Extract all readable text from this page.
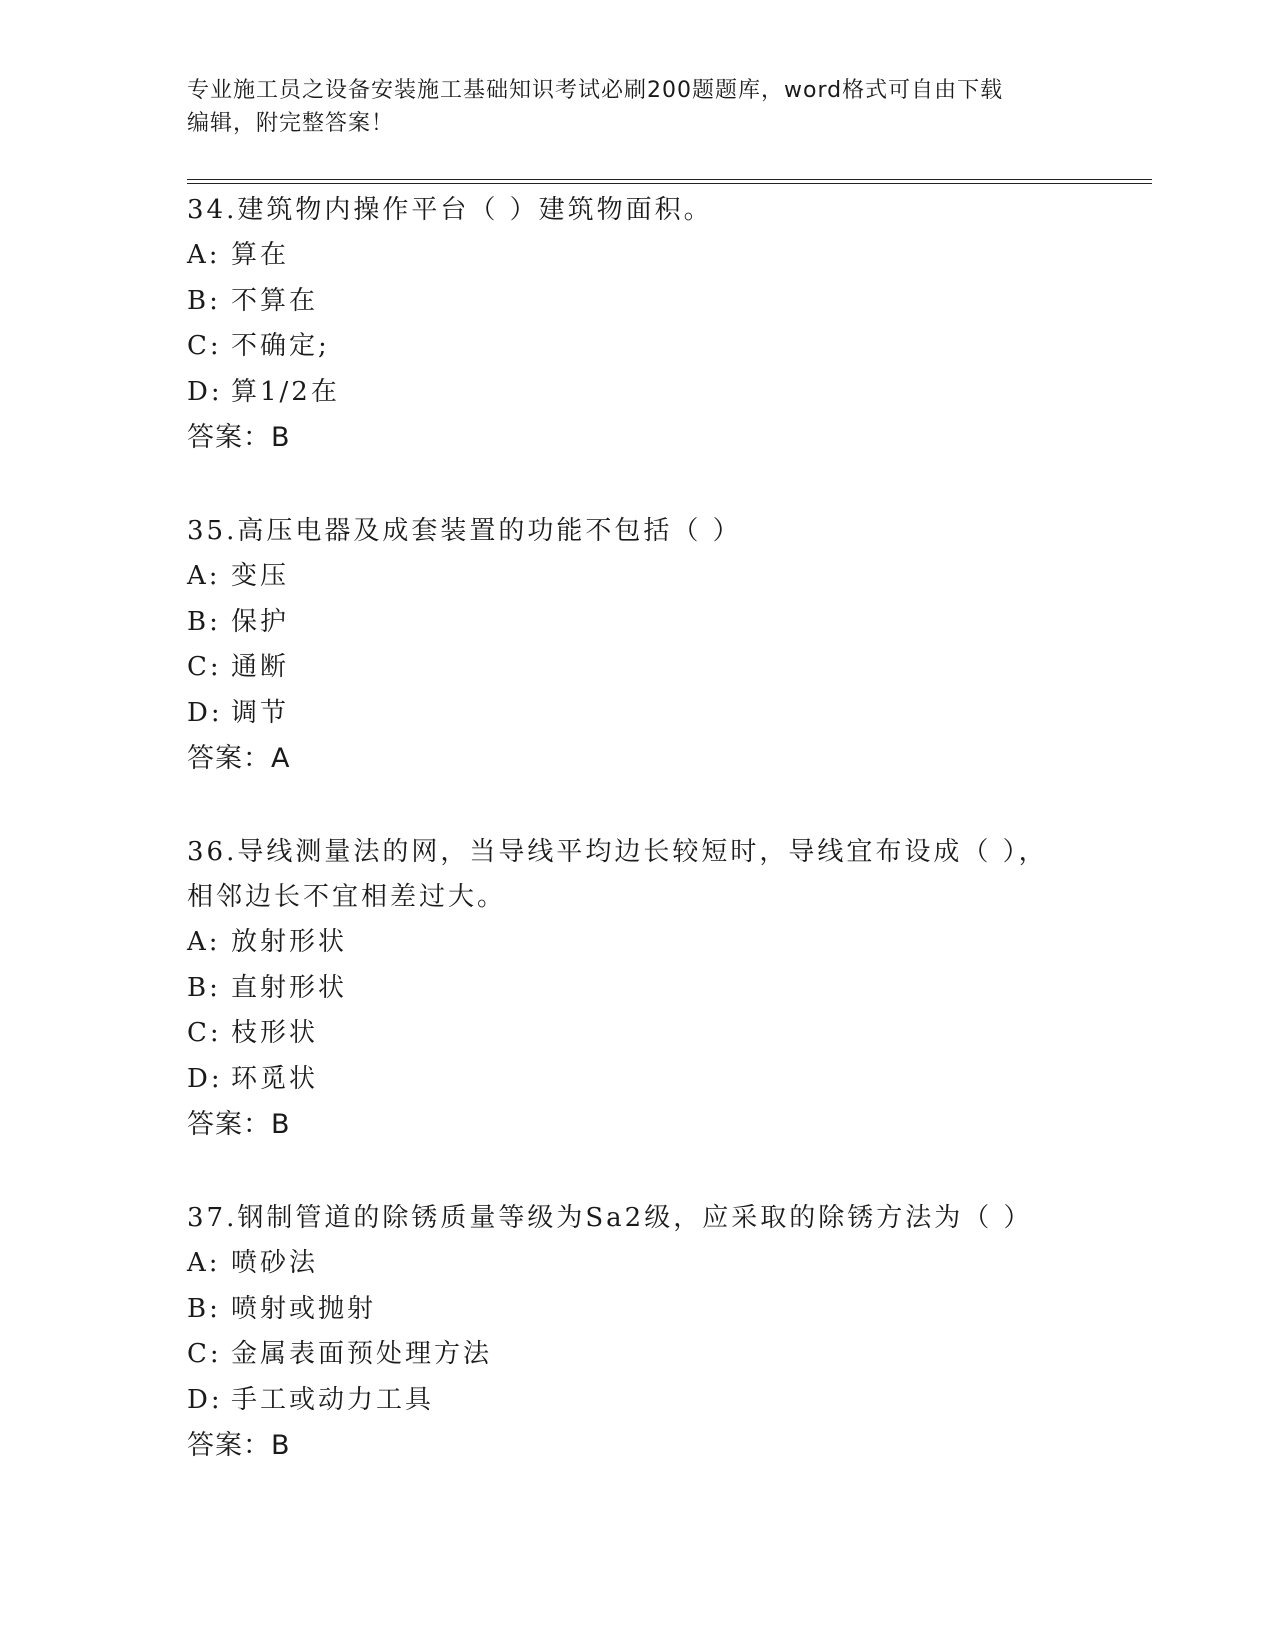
专业施工员之设备安装施工基础知识考试必刷200题题库，word格式可自由下载
编辑，附完整答案！

34.建筑物内操作平台（ ）建筑物面积。

A: 算在

B: 不算在

C: 不确定;

D: 算1/2在

答案：B

35.高压电器及成套装置的功能不包括（ ）

A: 变压

B: 保护

C: 通断

D: 调节

答案：A

36.导线测量法的网，当导线平均边长较短时，导线宜布设成（ ），相邻边长不宜相差过大。

A: 放射形状

B: 直射形状

C: 枝形状

D: 环觅状

答案：B

37.钢制管道的除锈质量等级为Sa2级，应采取的除锈方法为（ ）

A: 喷砂法

B: 喷射或抛射

C: 金属表面预处理方法

D: 手工或动力工具

答案：B
